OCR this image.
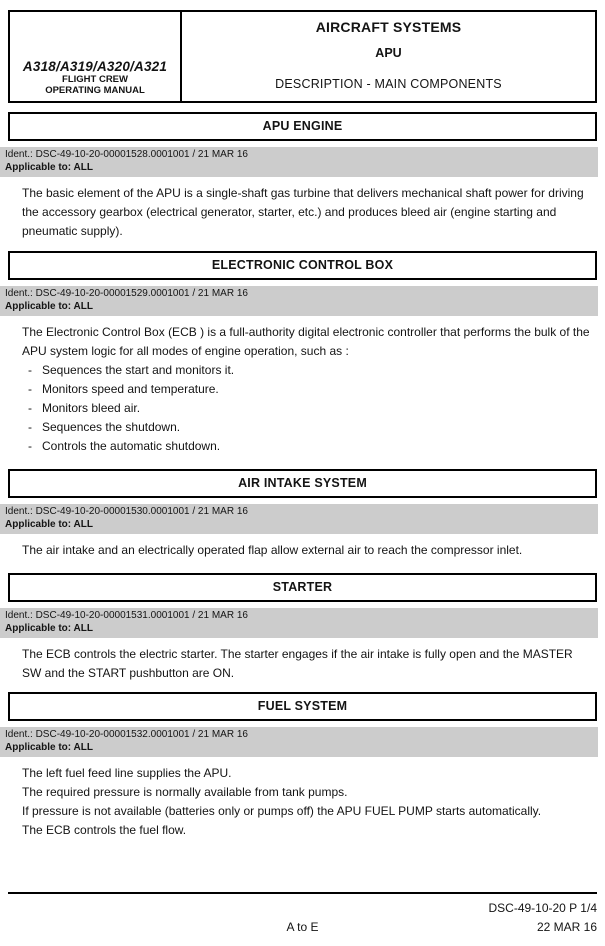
A318/A319/A320/A321
FLIGHT CREW
OPERATING MANUAL
AIRCRAFT SYSTEMS
APU
DESCRIPTION - MAIN COMPONENTS
APU ENGINE
Ident.: DSC-49-10-20-00001528.0001001 / 21 MAR 16
Applicable to: ALL

The basic element of the APU is a single-shaft gas turbine that delivers mechanical shaft power for driving the accessory gearbox (electrical generator, starter, etc.) and produces bleed air (engine starting and pneumatic supply).

ELECTRONIC CONTROL BOX
Ident.: DSC-49-10-20-00001529.0001001 / 21 MAR 16
Applicable to: ALL

The Electronic Control Box (ECB ) is a full-authority digital electronic controller that performs the bulk of the APU system logic for all modes of engine operation, such as :

- Sequences the start and monitors it.
- Monitors speed and temperature.
- Monitors bleed air.
- Sequences the shutdown.
- Controls the automatic shutdown.
AIR INTAKE SYSTEM
Ident.: DSC-49-10-20-00001530.0001001 / 21 MAR 16
Applicable to: ALL

The air intake and an electrically operated flap allow external air to reach the compressor inlet.

STARTER
Ident.: DSC-49-10-20-00001531.0001001 / 21 MAR 16
Applicable to: ALL

The ECB controls the electric starter. The starter engages if the air intake is fully open and the MASTER SW and the START pushbutton are ON.

FUEL SYSTEM
Ident.: DSC-49-10-20-00001532.0001001 / 21 MAR 16
Applicable to: ALL

The left fuel feed line supplies the APU.

The required pressure is normally available from tank pumps.

If pressure is not available (batteries only or pumps off) the APU FUEL PUMP starts automatically.

The ECB controls the fuel flow.

DSC-49-10-20 P 1/4
A to E	22 MAR 16
